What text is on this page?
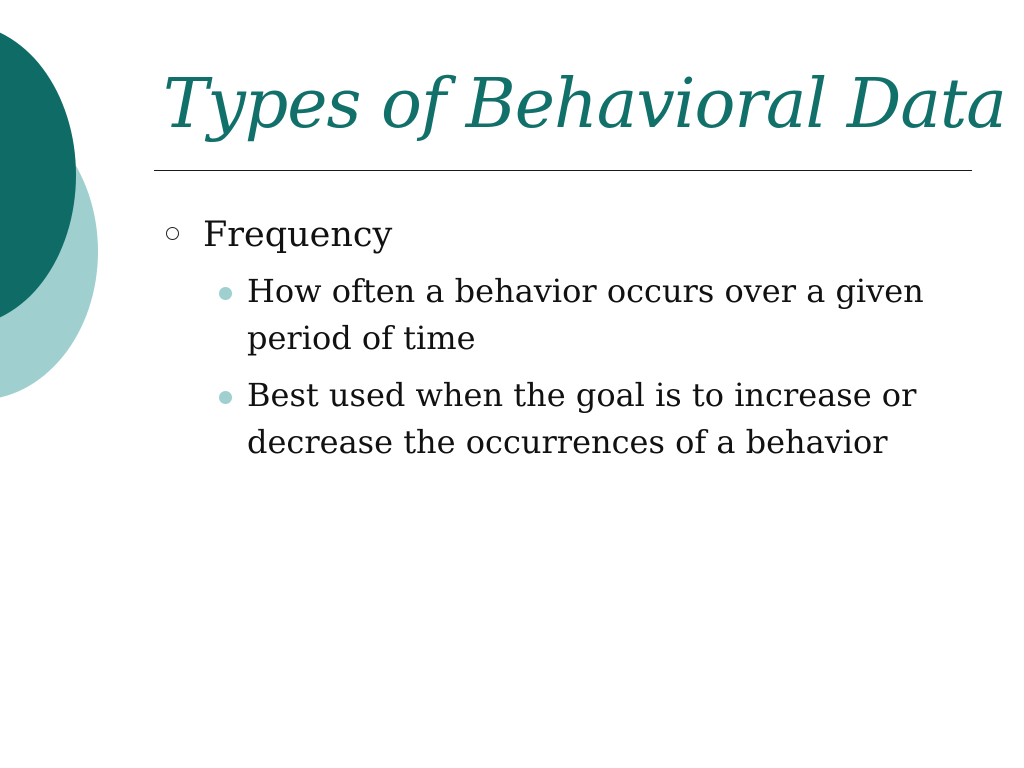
Types of Behavioral Data
Frequency
How often a behavior occurs over a given period of time
Best used when the goal is to increase or decrease the occurrences of a behavior
